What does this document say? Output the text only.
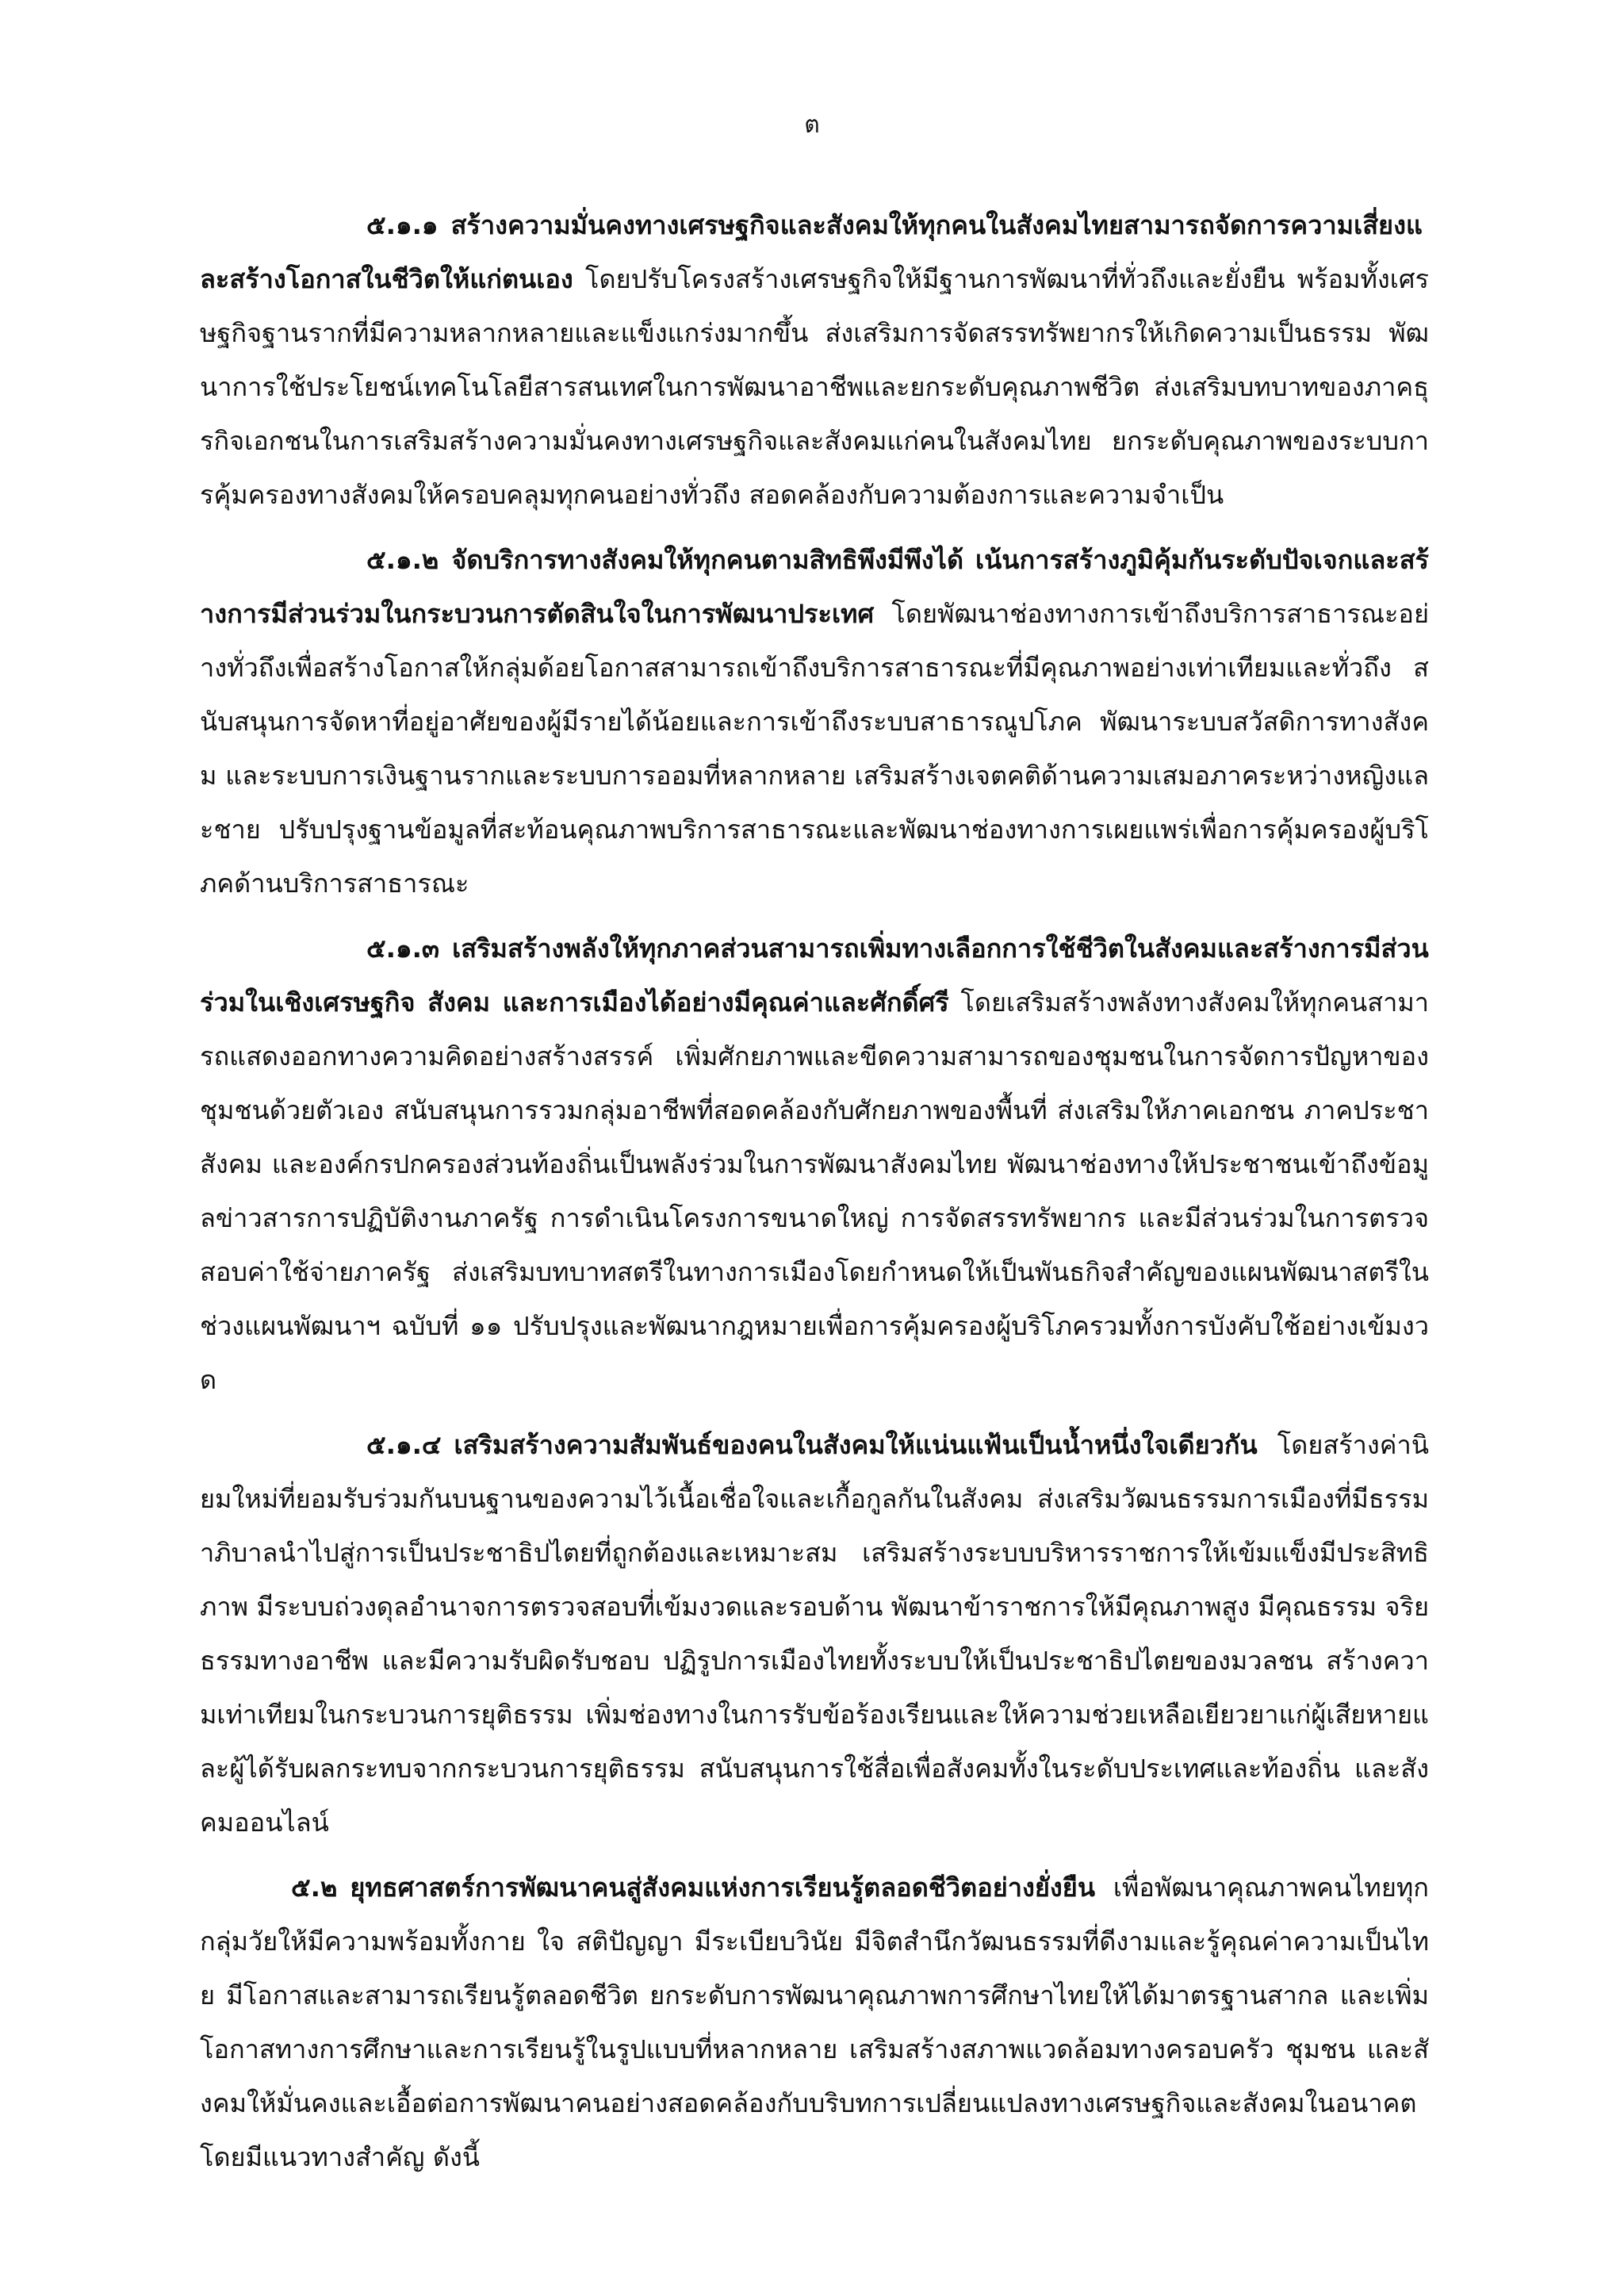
ต

๕.๑.๑ สร้างความมั่นคงทางเศรษฐกิจและสังคมให้ทุกคนในสังคมไทยสามารถจัดการความเสี่ยงและสร้างโอกาสในชีวิตให้แก่ตนเอง โดยปรับโครงสร้างเศรษฐกิจให้มีฐานการพัฒนาที่ทั่วถึงและยั่งยืน พร้อมทั้งเศรษฐกิจฐานรากที่มีความหลากหลายและแข็งแกร่งมากขึ้น ส่งเสริมการจัดสรรทรัพยากรให้เกิดความเป็นธรรม พัฒนาการใช้ประโยชน์เทคโนโลยีสารสนเทศในการพัฒนาอาชีพและยกระดับคุณภาพชีวิต ส่งเสริมบทบาทของภาคธุรกิจเอกชนในการเสริมสร้างความมั่นคงทางเศรษฐกิจและสังคมแก่คนในสังคมไทย ยกระดับคุณภาพของระบบการคุ้มครองทางสังคมให้ครอบคลุมทุกคนอย่างทั่วถึง สอดคล้องกับความต้องการและความจำเป็น

๕.๑.๒ จัดบริการทางสังคมให้ทุกคนตามสิทธิพึงมีพึงได้ เน้นการสร้างภูมิคุ้มกันระดับปัจเจกและสร้างการมีส่วนร่วมในกระบวนการตัดสินใจในการพัฒนาประเทศ โดยพัฒนาช่องทางการเข้าถึงบริการสาธารณะอย่างทั่วถึงเพื่อสร้างโอกาสให้กลุ่มด้อยโอกาสสามารถเข้าถึงบริการสาธารณะที่มีคุณภาพอย่างเท่าเทียมและทั่วถึง สนับสนุนการจัดหาที่อยู่อาศัยของผู้มีรายได้น้อยและการเข้าถึงระบบสาธารณูปโภค พัฒนาระบบสวัสดิการทางสังคม และระบบการเงินฐานรากและระบบการออมที่หลากหลาย เสริมสร้างเจตคติด้านความเสมอภาคระหว่างหญิงและชาย ปรับปรุงฐานข้อมูลที่สะท้อนคุณภาพบริการสาธารณะและพัฒนาช่องทางการเผยแพร่เพื่อการคุ้มครองผู้บริโภคด้านบริการสาธารณะ

๕.๑.๓ เสริมสร้างพลังให้ทุกภาคส่วนสามารถเพิ่มทางเลือกการใช้ชีวิตในสังคมและสร้างการมีส่วนร่วมในเชิงเศรษฐกิจ สังคม และการเมืองได้อย่างมีคุณค่าและศักดิ์ศรี โดยเสริมสร้างพลังทางสังคมให้ทุกคนสามารถแสดงออกทางความคิดอย่างสร้างสรรค์ เพิ่มศักยภาพและขีดความสามารถของชุมชนในการจัดการปัญหาของชุมชนด้วยตัวเอง สนับสนุนการรวมกลุ่มอาชีพที่สอดคล้องกับศักยภาพของพื้นที่ ส่งเสริมให้ภาคเอกชน ภาคประชาสังคม และองค์กรปกครองส่วนท้องถิ่นเป็นพลังร่วมในการพัฒนาสังคมไทย พัฒนาช่องทางให้ประชาชนเข้าถึงข้อมูลข่าวสารการปฏิบัติงานภาครัฐ การดำเนินโครงการขนาดใหญ่ การจัดสรรทรัพยากร และมีส่วนร่วมในการตรวจสอบค่าใช้จ่ายภาครัฐ ส่งเสริมบทบาทสตรีในทางการเมืองโดยกำหนดให้เป็นพันธกิจสำคัญของแผนพัฒนาสตรีในช่วงแผนพัฒนาฯ ฉบับที่ ๑๑ ปรับปรุงและพัฒนากฎหมายเพื่อการคุ้มครองผู้บริโภครวมทั้งการบังคับใช้อย่างเข้มงวด

๕.๑.๔ เสริมสร้างความสัมพันธ์ของคนในสังคมให้แน่นแฟ้นเป็นน้ำหนึ่งใจเดียวกัน โดยสร้างค่านิยมใหม่ที่ยอมรับร่วมกันบนฐานของความไว้เนื้อเชื่อใจและเกื้อกูลกันในสังคม ส่งเสริมวัฒนธรรมการเมืองที่มีธรรมาภิบาลนำไปสู่การเป็นประชาธิปไตยที่ถูกต้องและเหมาะสม เสริมสร้างระบบบริหารราชการให้เข้มแข็งมีประสิทธิภาพ มีระบบถ่วงดุลอำนาจการตรวจสอบที่เข้มงวดและรอบด้าน พัฒนาข้าราชการให้มีคุณภาพสูง มีคุณธรรม จริยธรรมทางอาชีพ และมีความรับผิดรับชอบ ปฏิรูปการเมืองไทยทั้งระบบให้เป็นประชาธิปไตยของมวลชน สร้างความเท่าเทียมในกระบวนการยุติธรรม เพิ่มช่องทางในการรับข้อร้องเรียนและให้ความช่วยเหลือเยียวยาแก่ผู้เสียหายและผู้ได้รับผลกระทบจากกระบวนการยุติธรรม สนับสนุนการใช้สื่อเพื่อสังคมทั้งในระดับประเทศและท้องถิ่น และสังคมออนไลน์

๕.๒ ยุทธศาสตร์การพัฒนาคนสู่สังคมแห่งการเรียนรู้ตลอดชีวิตอย่างยั่งยืน เพื่อพัฒนาคุณภาพคนไทยทุกกลุ่มวัยให้มีความพร้อมทั้งกาย ใจ สติปัญญา มีระเบียบวินัย มีจิตสำนึกวัฒนธรรมที่ดีงามและรู้คุณค่าความเป็นไทย มีโอกาสและสามารถเรียนรู้ตลอดชีวิต ยกระดับการพัฒนาคุณภาพการศึกษาไทยให้ได้มาตรฐานสากล และเพิ่มโอกาสทางการศึกษาและการเรียนรู้ในรูปแบบที่หลากหลาย เสริมสร้างสภาพแวดล้อมทางครอบครัว ชุมชน และสังคมให้มั่นคงและเอื้อต่อการพัฒนาคนอย่างสอดคล้องกับบริบทการเปลี่ยนแปลงทางเศรษฐกิจและสังคมในอนาคต โดยมีแนวทางสำคัญ ดังนี้
